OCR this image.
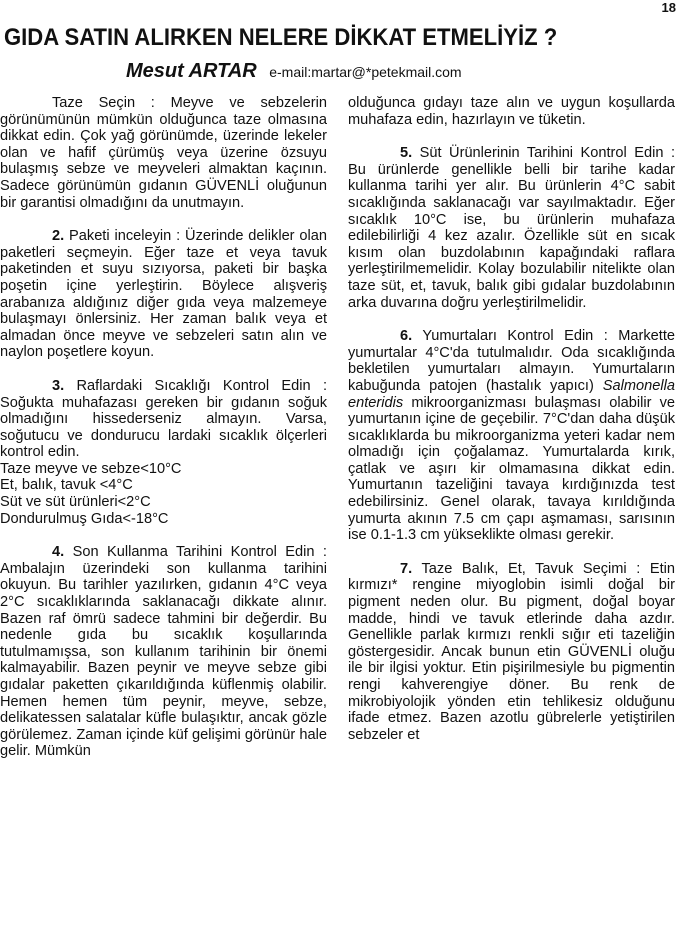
18
GIDA SATIN ALIRKEN NELERE DİKKAT ETMELİYİZ ?
Mesut ARTAR e-mail:martar@*petekmail.com

Taze Seçin : Meyve ve sebzelerin görünümünün mümkün olduğunca taze olmasına dikkat edin. Çok yağ görünümde, üzerinde lekeler olan ve hafif çürümüş veya üzerine özsuyu bulaşmış sebze ve meyveleri almaktan kaçının. Sadece görünümün gıdanın GÜVENLİ oluğunun bir garantisi olmadığını da unutmayın.

2. Paketi inceleyin : Üzerinde delikler olan paketleri seçmeyin. Eğer taze et veya tavuk paketinden et suyu sızıyorsa, paketi bir başka poşetin içine yerleştirin. Böylece alışveriş arabanıza aldığınız diğer gıda veya malzemeye bulaşmayı önlersiniz. Her zaman balık veya et almadan önce meyve ve sebzeleri satın alın ve naylon poşetlere koyun.

3. Raflardaki Sıcaklığı Kontrol Edin : Soğukta muhafazası gereken bir gıdanın soğuk olmadığını hissederseniz almayın. Varsa, soğutucu ve dondurucu lardaki sıcaklık ölçerleri kontrol edin.

Taze meyve ve sebze<10°C

Et, balık, tavuk <4°C

Süt ve süt ürünleri<2°C

Dondurulmuş Gıda<-18°C

4. Son Kullanma Tarihini Kontrol Edin : Ambalajın üzerindeki son kullanma tarihini okuyun. Bu tarihler yazılırken, gıdanın 4°C veya 2°C sıcaklıklarında saklanacağı dikkate alınır. Bazen raf ömrü sadece tahmini bir değerdir. Bu nedenle gıda bu sıcaklık koşullarında tutulmamışsa, son kullanım tarihinin bir önemi kalmayabilir. Bazen peynir ve meyve sebze gibi gıdalar paketten çıkarıldığında küflenmiş olabilir. Hemen hemen tüm peynir, meyve, sebze, delikatessen salatalar küfle bulaşıktır, ancak gözle görülemez. Zaman içinde küf gelişimi görünür hale gelir. Mümkün

olduğunca gıdayı taze alın ve uygun koşullarda muhafaza edin, hazırlayın ve tüketin.

5. Süt Ürünlerinin Tarihini Kontrol Edin : Bu ürünlerde genellikle belli bir tarihe kadar kullanma tarihi yer alır. Bu ürünlerin 4°C sabit sıcaklığında saklanacağı var sayılmaktadır. Eğer sıcaklık 10°C ise, bu ürünlerin muhafaza edilebilirliği 4 kez azalır. Özellikle süt en sıcak kısım olan buzdolabının kapağındaki raflara yerleştirilmemelidir. Kolay bozulabilir nitelikte olan taze süt, et, tavuk, balık gibi gıdalar buzdolabının arka duvarına doğru yerleştirilmelidir.

6. Yumurtaları Kontrol Edin : Markette yumurtalar 4°C'da tutulmalıdır. Oda sıcaklığında bekletilen yumurtaları almayın. Yumurtaların kabuğunda patojen (hastalık yapıcı) Salmonella enteridis mikroorganizması bulaşması olabilir ve yumurtanın içine de geçebilir. 7°C'dan daha düşük sıcaklıklarda bu mikroorganizma yeteri kadar nem olmadığı için çoğalamaz. Yumurtalarda kırık, çatlak ve aşırı kir olmamasına dikkat edin. Yumurtanın tazeliğini tavaya kırdığınızda test edebilirsiniz. Genel olarak, tavaya kırıldığında yumurta akının 7.5 cm çapı aşmaması, sarısının ise 0.1-1.3 cm yükseklikte olması gerekir.

7. Taze Balık, Et, Tavuk Seçimi : Etin kırmızı* rengine miyoglobin isimli doğal bir pigment neden olur. Bu pigment, doğal boyar madde, hindi ve tavuk etlerinde daha azdır. Genellikle parlak kırmızı renkli sığır eti tazeliğin göstergesidir. Ancak bunun etin GÜVENLİ oluğu ile bir ilgisi yoktur. Etin pişirilmesiyle bu pigmentin rengi kahverengiye döner. Bu renk de mikrobiyolojik yönden etin tehlikesiz olduğunu ifade etmez. Bazen azotlu gübrelerle yetiştirilen sebzeler et
